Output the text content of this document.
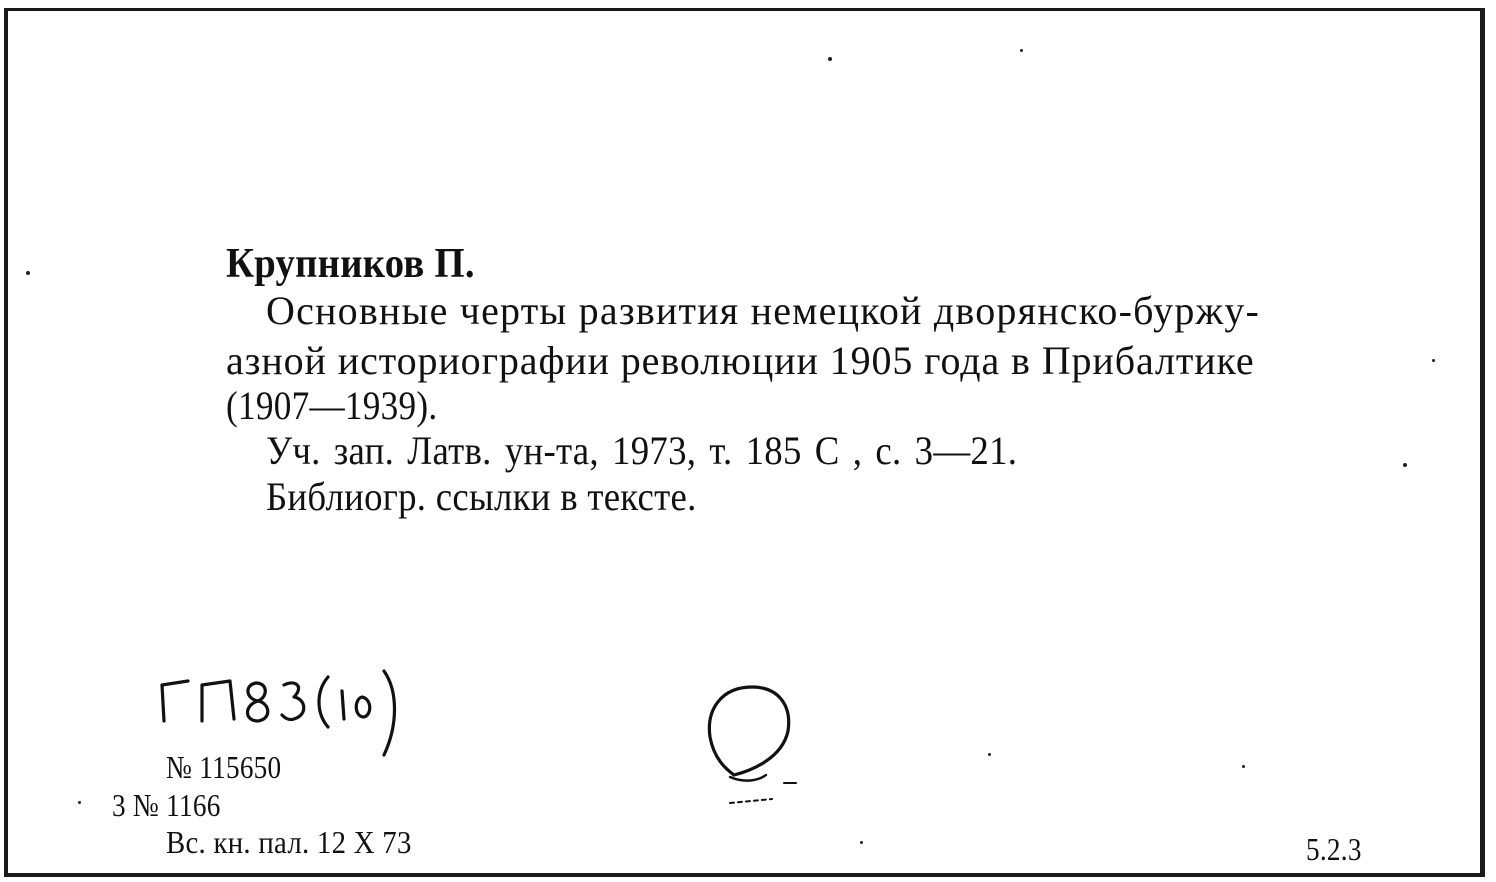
Крупников П.
Основные черты развития немецкой дворянско-буржу-
азной историографии революции 1905 года в Прибалтике
(1907—1939).
Уч. зап. Латв. ун-та, 1973, т. 185 С , с. 3—21.
Библиогр. ссылки в тексте.
№ 115650
3 № 1166
Вс. кн. пал. 12 X 73	5.2.3
